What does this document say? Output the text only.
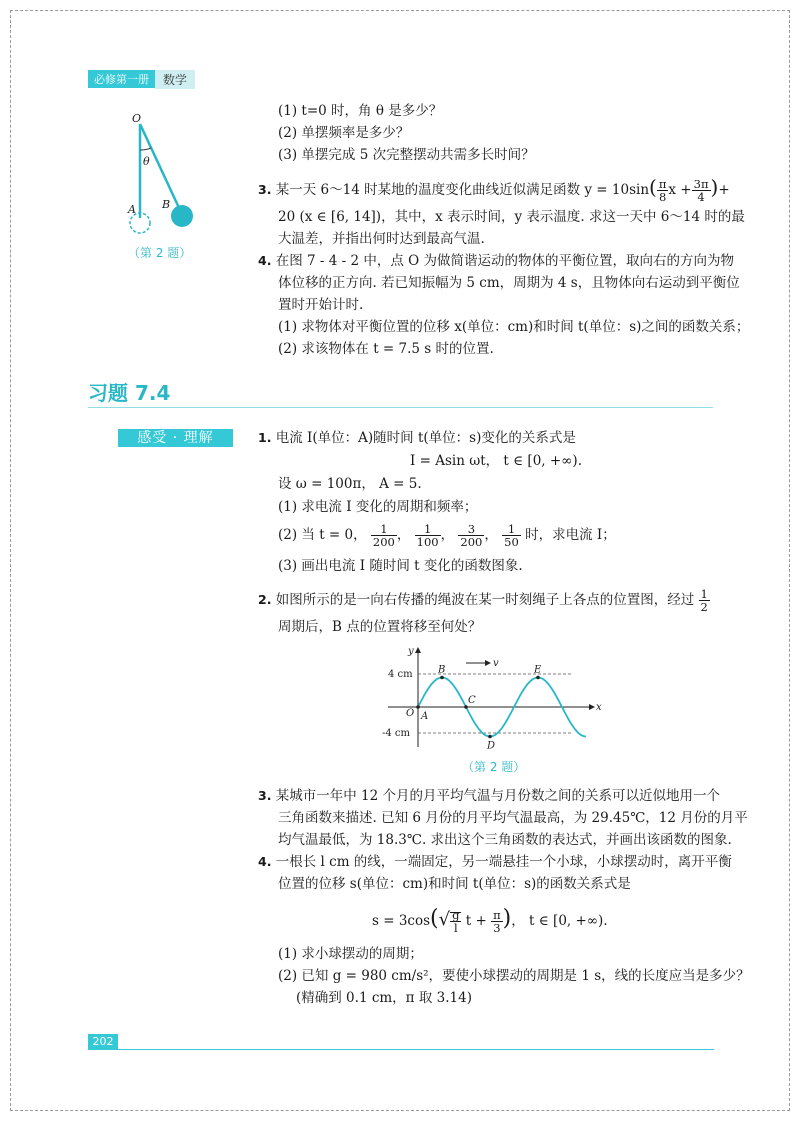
必修第一册	数学
O
θ
A B
（第 2 题）
(1) t=0 时，角 θ 是多少？
(2) 单摆频率是多少？
(3) 单摆完成 5 次完整摆动共需多长时间？
3. 某一天 6～14 时某地的温度变化曲线近似满足函数 $y = 10\sin( \frac{\pi}{8}$ $x + \frac{3\pi}{4}$ )+
20 (x ∈ [6, 14])，其中，x 表示时间，y 表示温度. 求这一天中 6～14 时的最
大温差，并指出何时达到最高气温.
4. 在图 7 - 4 - 2 中，点 O 为做简谐运动的物体的平衡位置，取向右的方向为物
体位移的正方向. 若已知振幅为 5 cm，周期为 4 s，且物体向右运动到平衡位
置时开始计时.
(1) 求物体对平衡位置的位移 x(单位：cm)和时间 t(单位：s)之间的函数关系；
(2) 求该物体在 t = 7.5 s 时的位置.
习题 7.4
感受 · 理解	1. 电流 I(单位：A)随时间 t(单位：s)变化的关系式是
I = Asin ωt， t ∈ [0, +∞).
设 ω = 100π， A = 5.
(1) 求电流 I 变化的周期和频率；
(2) 当 t = 0， $\frac{1}{200}$ ， $\frac{1}{100}$ ， $\frac{3}{200}$ ， $\frac{1}{50}$ 时，求电流 I；
(3) 画出电流 I 随时间 t 变化的函数图象.
2. 如图所示的是一向右传播的绳波在某一时刻绳子上各点的位置图，经过 $\frac{1}{2}$
周期后，B 点的位置将移至何处？
v
x
y
O
4 cm
-4 cm
A
B
C
D
E
（第 2 题）
3. 某城市一年中 12 个月的月平均气温与月份数之间的关系可以近似地用一个
三角函数来描述. 已知 6 月份的月平均气温最高，为 29.45℃，12 月份的月平
均气温最低，为 18.3℃. 求出这个三角函数的表达式，并画出该函数的图象.
4. 一根长 l cm 的线，一端固定，另一端悬挂一个小球，小球摆动时，离开平衡
位置的位移 s(单位：cm)和时间 t(单位：s)的函数关系式是
$s = 3\cos(√ \frac{g}{l}$ $t + \frac{\pi}{3}$ )， t ∈ [0, +∞).
(1) 求小球摆动的周期；
(2) 已知 g = 980 cm/s²，要使小球摆动的周期是 1 s，线的长度应当是多少？
(精确到 0.1 cm，π 取 3.14)
202
